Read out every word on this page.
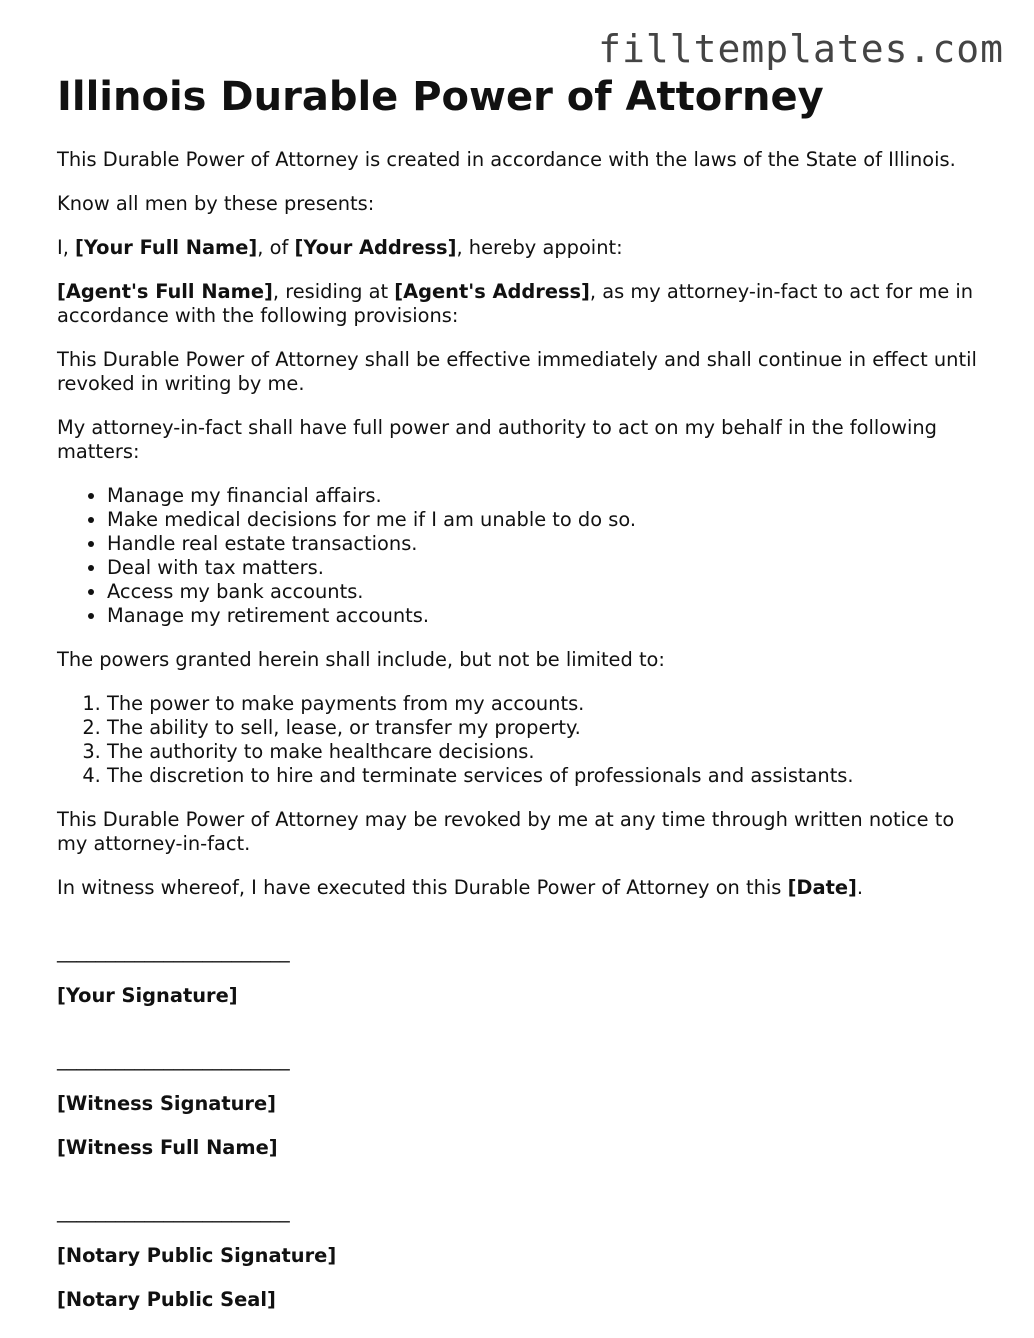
filltemplates.com
Illinois Durable Power of Attorney

This Durable Power of Attorney is created in accordance with the laws of the State of Illinois.

Know all men by these presents:

I, [Your Full Name], of [Your Address], hereby appoint:

[Agent's Full Name], residing at [Agent's Address], as my attorney-in-fact to act for me in accordance with the following provisions:

This Durable Power of Attorney shall be effective immediately and shall continue in effect until revoked in writing by me.

My attorney-in-fact shall have full power and authority to act on my behalf in the following matters:

• Manage my financial affairs.
• Make medical decisions for me if I am unable to do so.
• Handle real estate transactions.
• Deal with tax matters.
• Access my bank accounts.
• Manage my retirement accounts.

The powers granted herein shall include, but not be limited to:

1. The power to make payments from my accounts.
2. The ability to sell, lease, or transfer my property.
3. The authority to make healthcare decisions.
4. The discretion to hire and terminate services of professionals and assistants.

This Durable Power of Attorney may be revoked by me at any time through written notice to my attorney-in-fact.

In witness whereof, I have executed this Durable Power of Attorney on this [Date].

________________________

[Your Signature]

________________________

[Witness Signature]

[Witness Full Name]

________________________

[Notary Public Signature]

[Notary Public Seal]
